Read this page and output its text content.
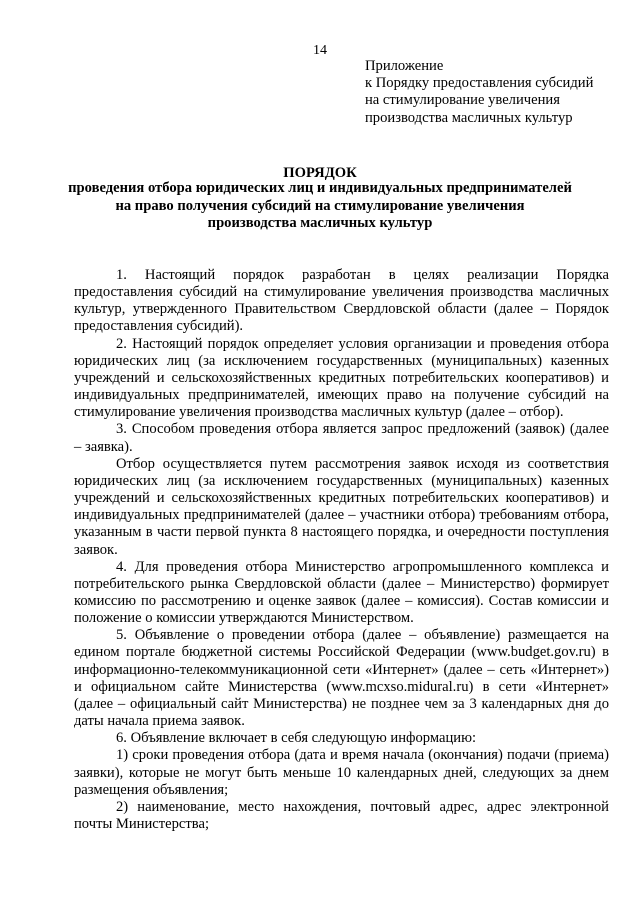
14
Приложение
к Порядку предоставления субсидий
на стимулирование увеличения
производства масличных культур
ПОРЯДОК
проведения отбора юридических лиц и индивидуальных предпринимателей
на право получения субсидий на стимулирование увеличения
производства масличных культур

1. Настоящий порядок разработан в целях реализации Порядка предоставления субсидий на стимулирование увеличения производства масличных культур, утвержденного Правительством Свердловской области (далее – Порядок предоставления субсидий).

2. Настоящий порядок определяет условия организации и проведения отбора юридических лиц (за исключением государственных (муниципальных) казенных учреждений и сельскохозяйственных кредитных потребительских кооперативов) и индивидуальных предпринимателей, имеющих право на получение субсидий на стимулирование увеличения производства масличных культур (далее – отбор).

3. Способом проведения отбора является запрос предложений (заявок) (далее – заявка).

Отбор осуществляется путем рассмотрения заявок исходя из соответствия юридических лиц (за исключением государственных (муниципальных) казенных учреждений и сельскохозяйственных кредитных потребительских кооперативов) и индивидуальных предпринимателей (далее – участники отбора) требованиям отбора, указанным в части первой пункта 8 настоящего порядка, и очередности поступления заявок.

4. Для проведения отбора Министерство агропромышленного комплекса и потребительского рынка Свердловской области (далее – Министерство) формирует комиссию по рассмотрению и оценке заявок (далее – комиссия). Состав комиссии и положение о комиссии утверждаются Министерством.

5. Объявление о проведении отбора (далее – объявление) размещается на едином портале бюджетной системы Российской Федерации (www.budget.gov.ru) в информационно-телекоммуникационной сети «Интернет» (далее – сеть «Интернет») и официальном сайте Министерства (www.mcxso.midural.ru) в сети «Интернет» (далее – официальный сайт Министерства) не позднее чем за 3 календарных дня до даты начала приема заявок.

6. Объявление включает в себя следующую информацию:

1) сроки проведения отбора (дата и время начала (окончания) подачи (приема) заявки), которые не могут быть меньше 10 календарных дней, следующих за днем размещения объявления;

2) наименование, место нахождения, почтовый адрес, адрес электронной почты Министерства;
